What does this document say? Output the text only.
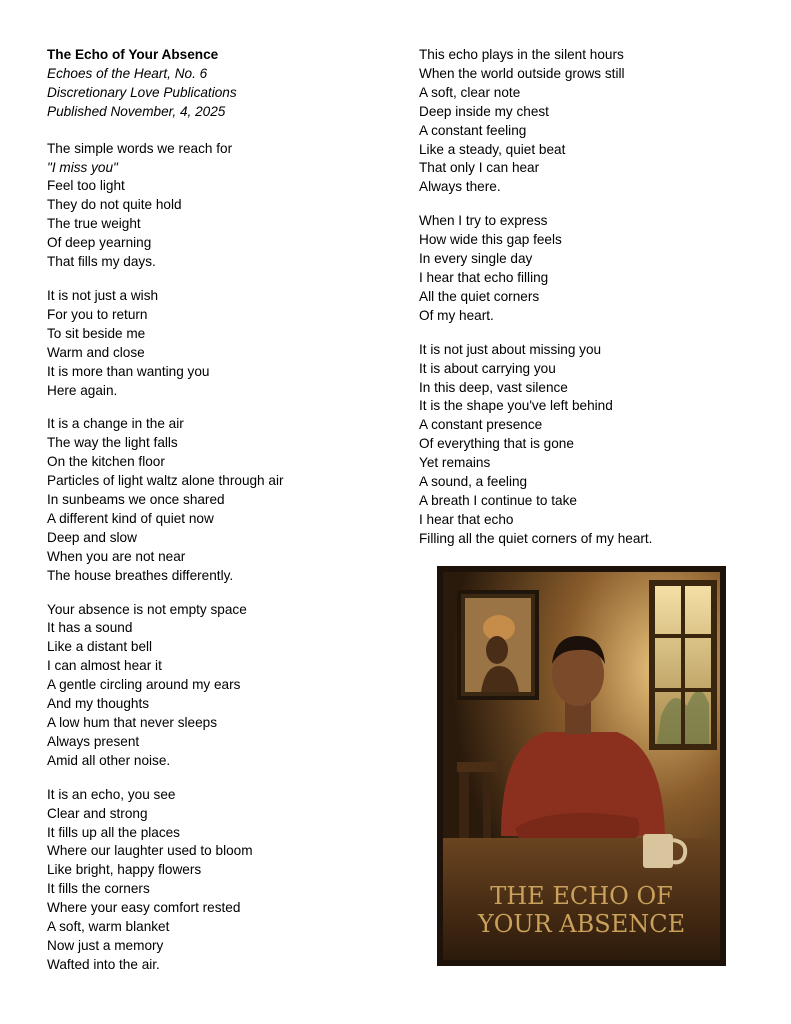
The Echo of Your Absence
Echoes of the Heart, No. 6
Discretionary Love Publications
Published November, 4, 2025
The simple words we reach for
"I miss you"
Feel too light
They do not quite hold
The true weight
Of deep yearning
That fills my days.
It is not just a wish
For you to return
To sit beside me
Warm and close
It is more than wanting you
Here again.
It is a change in the air
The way the light falls
On the kitchen floor
Particles of light waltz alone through air
In sunbeams we once shared
A different kind of quiet now
Deep and slow
When you are not near
The house breathes differently.
Your absence is not empty space
It has a sound
Like a distant bell
I can almost hear it
A gentle circling around my ears
And my thoughts
A low hum that never sleeps
Always present
Amid all other noise.
It is an echo, you see
Clear and strong
It fills up all the places
Where our laughter used to bloom
Like bright, happy flowers
It fills the corners
Where your easy comfort rested
A soft, warm blanket
Now just a memory
Wafted into the air.
This echo plays in the silent hours
When the world outside grows still
A soft, clear note
Deep inside my chest
A constant feeling
Like a steady, quiet beat
That only I can hear
Always there.
When I try to express
How wide this gap feels
In every single day
I hear that echo filling
All the quiet corners
Of my heart.
It is not just about missing you
It is about carrying you
In this deep, vast silence
It is the shape you've left behind
A constant presence
Of everything that is gone
Yet remains
A sound, a feeling
A breath I continue to take
I hear that echo
Filling all the quiet corners of my heart.
THE ECHO OF
YOUR ABSENCE
